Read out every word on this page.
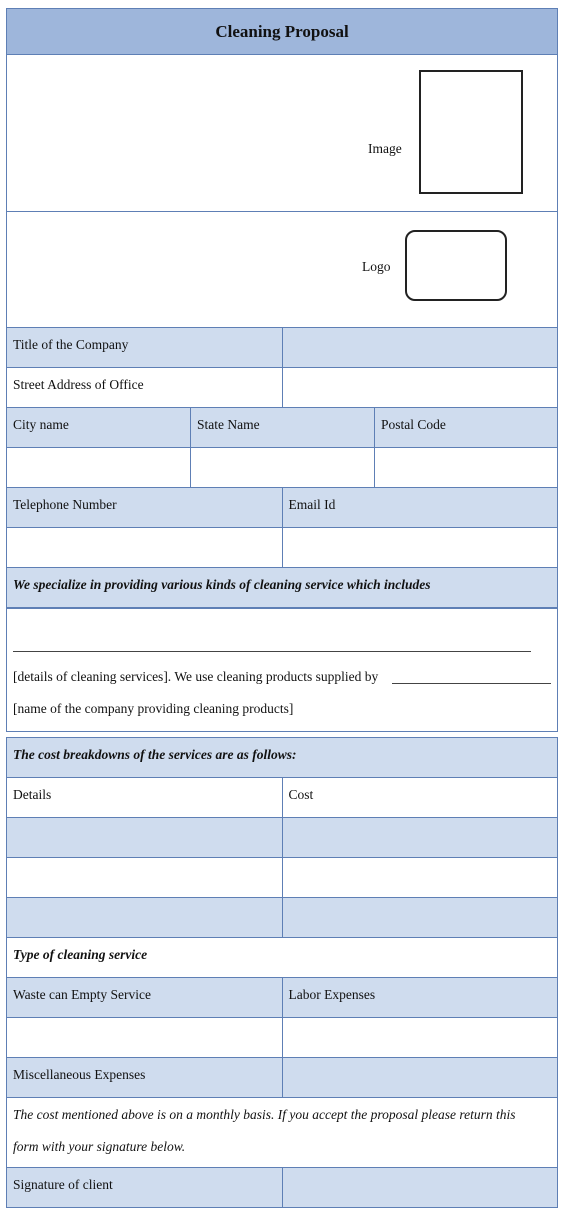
Cleaning Proposal
Image
Logo
Title of the Company
Street Address of Office
City name	State Name	Postal Code
Telephone Number	Email Id
We specialize in providing various kinds of cleaning service which includes
[details of cleaning services]. We use cleaning products supplied by
[name of the company providing cleaning products]
The cost breakdowns of the services are as follows:
Details	Cost
Type of cleaning service
Waste can Empty Service	Labor Expenses
Miscellaneous Expenses
The cost mentioned above is on a monthly basis. If you accept the proposal please return this
form with your signature below.
Signature of client
